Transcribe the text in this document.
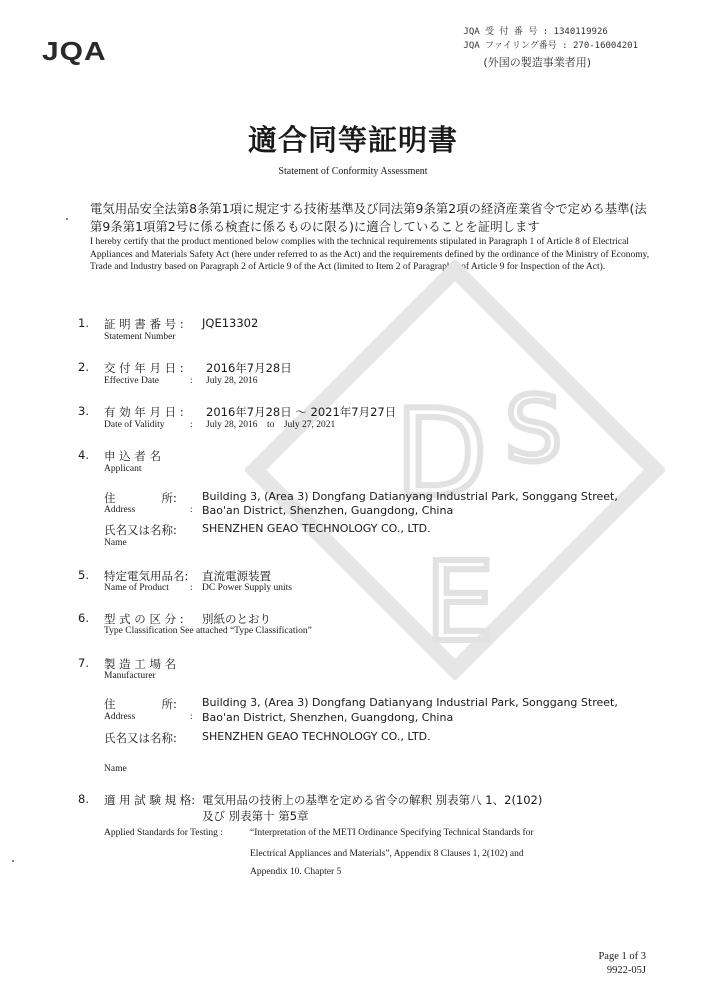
JQA
JQA 受 付 番 号 : 1340119926
JQA ファイリング番号 : 270-16004201
(外国の製造事業者用)
適合同等証明書
Statement of Conformity Assessment
電気用品安全法第8条第1項に規定する技術基準及び同法第9条第2項の経済産業省令で定める基準(法第9条第1項第2号に係る検査に係るものに限る)に適合していることを証明します
I hereby certify that the product mentioned below complies with the technical requirements stipulated in Paragraph 1 of Article 8 of Electrical Appliances and Materials Safety Act (here under referred to as the Act) and the requirements defined by the ordinance of the Ministry of Economy, Trade and Industry based on Paragraph 2 of Article 9 of the Act (limited to Item 2 of Paragraph 1 of Article 9 for Inspection of the Act).
D S
E
1.	証 明 書 番 号 : JQE13302
Statement Number
2.	交 付 年 月 日 : 2016年7月28日
Effective Date	: July 28, 2016
3.	有 効 年 月 日 : 2016年7月28日 ～ 2021年7月27日
Date of Validity	: July 28, 2016    to    July 27, 2021
4.	申 込 者 名
Applicant
住　　　　所: Building 3, (Area 3) Dongfang Datianyang Industrial Park, Songgang Street,
Address	: Bao'an District, Shenzhen, Guangdong, China
氏名又は名称: SHENZHEN GEAO TECHNOLOGY CO., LTD.
Name
5.	特定電気用品名: 直流電源装置
Name of Product : DC Power Supply units
6.	型 式 の 区 分 : 別紙のとおり
Type Classification See attached “Type Classification”
7.	製 造 工 場 名
Manufacturer
住　　　　所: Building 3, (Area 3) Dongfang Datianyang Industrial Park, Songgang Street,
Address	: Bao'an District, Shenzhen, Guangdong, China
氏名又は名称: SHENZHEN GEAO TECHNOLOGY CO., LTD.
Name
8.	適 用 試 験 規 格: 電気用品の技術上の基準を定める省令の解釈 別表第八 1、2(102)
及び 別表第十 第5章
Applied Standards for Testing :	“Interpretation of the METI Ordinance Specifying Technical Standards for
Electrical Appliances and Materials”, Appendix 8 Clauses 1, 2(102) and
Appendix 10. Chapter 5
Page 1 of 3
9922-05J
